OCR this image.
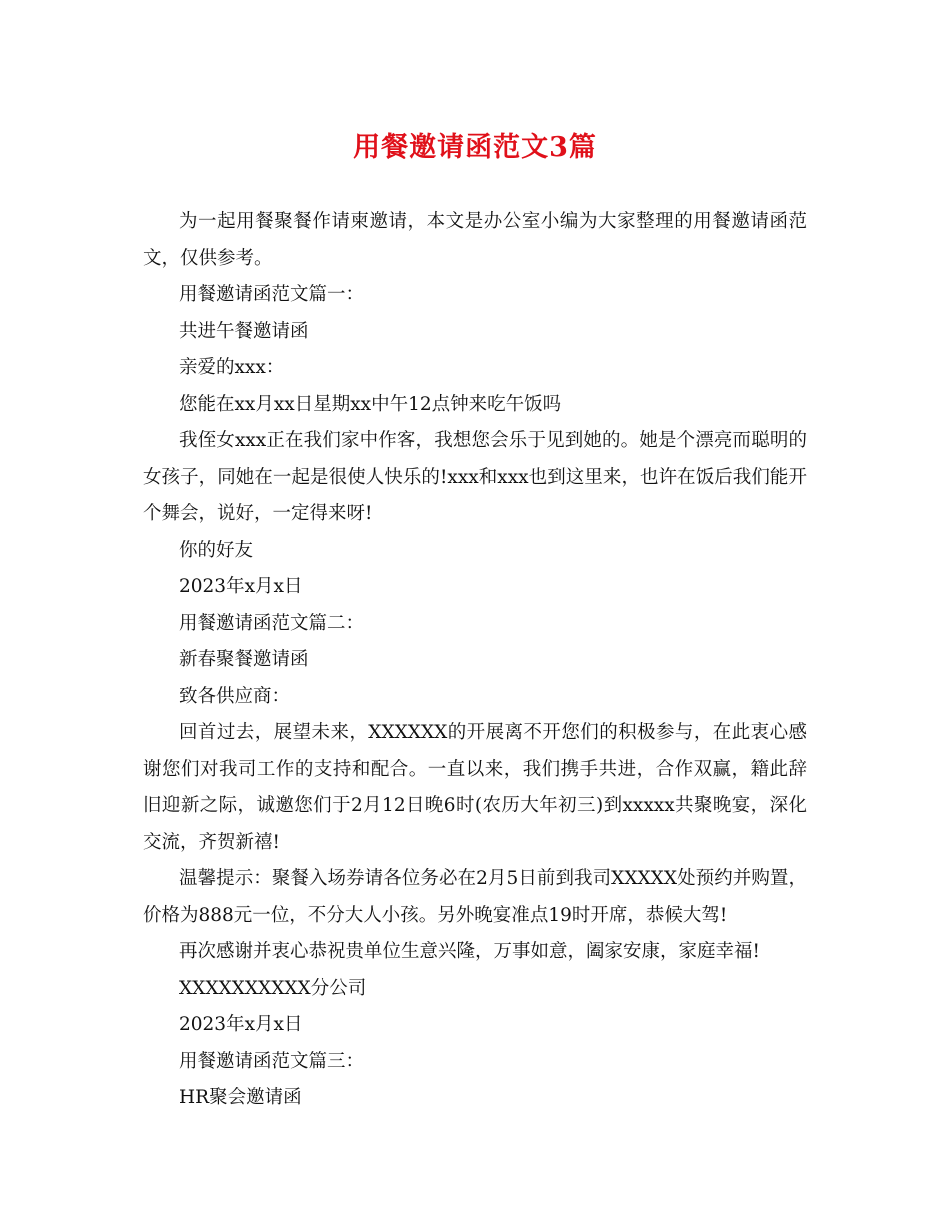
用餐邀请函范文3篇

为一起用餐聚餐作请柬邀请，本文是办公室小编为大家整理的用餐邀请函范文，仅供参考。

用餐邀请函范文篇一：

共进午餐邀请函

亲爱的xxx：

您能在xx月xx日星期xx中午12点钟来吃午饭吗

我侄女xxx正在我们家中作客，我想您会乐于见到她的。她是个漂亮而聪明的女孩子，同她在一起是很使人快乐的!xxx和xxx也到这里来，也许在饭后我们能开个舞会，说好，一定得来呀!

你的好友

2023年x月x日

用餐邀请函范文篇二：

新春聚餐邀请函

致各供应商：

回首过去，展望未来，XXXXXX的开展离不开您们的积极参与，在此衷心感谢您们对我司工作的支持和配合。一直以来，我们携手共进，合作双赢，籍此辞旧迎新之际，诚邀您们于2月12日晚6时(农历大年初三)到xxxxx共聚晚宴，深化交流，齐贺新禧!

温馨提示：聚餐入场券请各位务必在2月5日前到我司XXXXX处预约并购置，价格为888元一位，不分大人小孩。另外晚宴准点19时开席，恭候大驾!

再次感谢并衷心恭祝贵单位生意兴隆，万事如意，阖家安康，家庭幸福!

XXXXXXXXXX分公司

2023年x月x日

用餐邀请函范文篇三：

HR聚会邀请函
